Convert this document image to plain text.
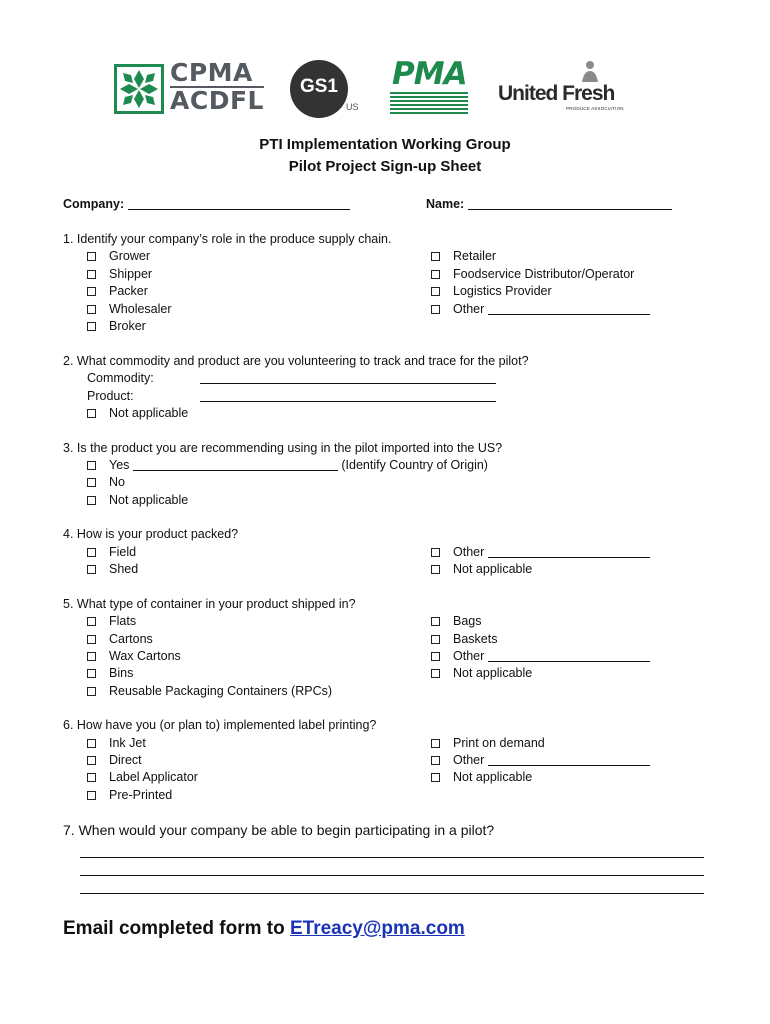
CPMA
ACDFL GS1
US
PMA
United Fresh
PRODUCE ASSOCIATION
PTI Implementation Working Group
Pilot Project Sign-up Sheet
Company:	Name:
1. Identify your company’s role in the produce supply chain.
Grower
Shipper
Packer
Wholesaler
Broker
Retailer
Foodservice Distributor/Operator
Logistics Provider
Other
2. What commodity and product are you volunteering to track and trace for the pilot?
Commodity:
Product:
Not applicable
3. Is the product you are recommending using in the pilot imported into the US?
Yes	(Identify Country of Origin)
No
Not applicable
4. How is your product packed?
Field
Shed
Other
Not applicable
5. What type of container in your product shipped in?
Flats
Cartons
Wax Cartons
Bins
Reusable Packaging Containers (RPCs)
Bags
Baskets
Other
Not applicable
6. How have you (or plan to) implemented label printing?
Ink Jet
Direct
Label Applicator
Pre-Printed
Print on demand
Other
Not applicable
7. When would your company be able to begin participating in a pilot?
Email completed form to ETreacy@pma.com
